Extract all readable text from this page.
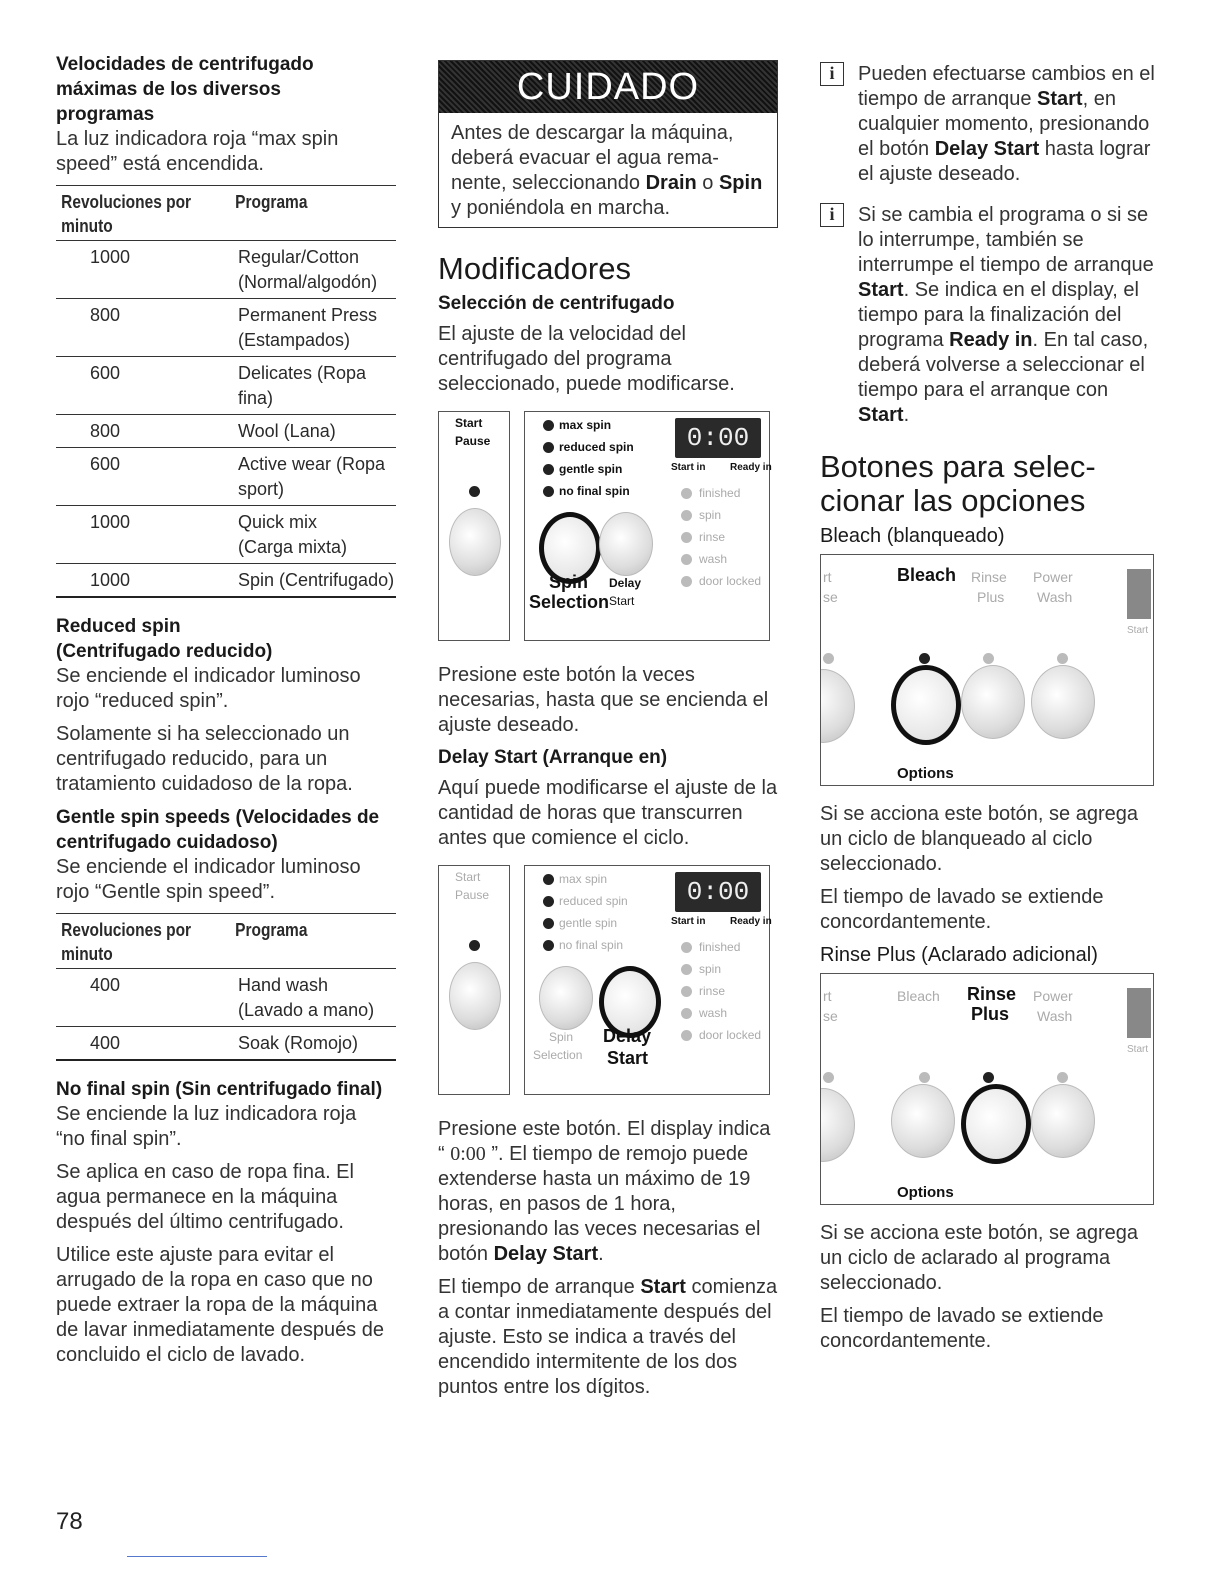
Velocidades de centrifugado máximas de los diversos programas

La luz indicadora roja “max spin speed” está encendida.

Revoluciones por minuto	Programa
1000	Regular/Cotton
(Normal/algodón)

800	Permanent Press
(Estampados)

600	Delicates (Ropa fina)

800	Wool (Lana)

600	Active wear (Ropa
sport)

1000	Quick mix
(Carga mixta)

1000	Spin (Centrifugado)
Reduced spin (Centrifugado reducido)

Se enciende el indicador luminoso rojo “reduced spin”.

Solamente si ha seleccionado un centrifugado reducido, para un tratamiento cuidadoso de la ropa.

Gentle spin speeds (Velocidades de centrifugado cuidadoso)

Se enciende el indicador luminoso rojo “Gentle spin speed”.

Revoluciones por minuto	Programa
400	Hand wash
(Lavado a mano)

400	Soak (Romojo)
No final spin (Sin centrifugado final)

Se enciende la luz indicadora roja “no final spin”.

Se aplica en caso de ropa fina. El agua permanece en la máquina después del último centrifugado.

Utilice este ajuste para evitar el arrugado de la ropa en caso que no puede extraer la ropa de la máquina de lavar inmediatamente después de concluido el ciclo de lavado.

CUIDADO
Antes de descargar la máquina, deberá evacuar el agua rema- nente, seleccionando Drain o Spin y poniéndola en marcha.
Modificadores
Selección de centrifugado

El ajuste de la velocidad del centrifugado del programa seleccionado, puede modificarse.

Start
Pause
max spin
reduced spin
gentle spin
no final spin
0:00
Start in Ready in
Spin
Selection
Delay
Start
finished
spin
rinse
wash
door locked

Presione este botón la veces necesarias, hasta que se encienda el ajuste deseado.

Delay Start (Arranque en)

Aquí puede modificarse el ajuste de la cantidad de horas que transcurren antes que comience el ciclo.

Start
Pause
max spin
reduced spin
gentle spin
no final spin
0:00
Start in Ready in
Spin
Selection
Delay
Start
finished
spin
rinse
wash
door locked

Presione este botón. El display indica “ 0:00 ”. El tiempo de remojo puede extenderse hasta un máximo de 19 horas, en pasos de 1 hora, presionando las veces necesarias el botón Delay Start.

El tiempo de arranque Start comienza a contar inmediatamente después del ajuste. Esto se indica a través del encendido intermitente de los dos puntos entre los dígitos.

i	Pueden efectuarse cambios en el tiempo de arranque Start, en cualquier momento, presionando el botón Delay Start hasta lograr el ajuste deseado.

i	Si se cambia el programa o si se lo interrumpe, también se interrumpe el tiempo de arranque Start. Se indica en el display, el tiempo para la finalización del programa Ready in. En tal caso, deberá volverse a seleccionar el tiempo para el arranque con Start.

Botones para selec- cionar las opciones
Bleach (blanqueado)
rt
se
Bleach Rinse
Plus
Power
Wash
Start
Options

Si se acciona este botón, se agrega un ciclo de blanqueado al ciclo seleccionado.

El tiempo de lavado se extiende concordantemente.

Rinse Plus (Aclarado adicional)
rt
se
Bleach Rinse
Plus
Power
Wash
Start
Options

Si se acciona este botón, se agrega un ciclo de aclarado al programa seleccionado.

El tiempo de lavado se extiende concordantemente.

78
